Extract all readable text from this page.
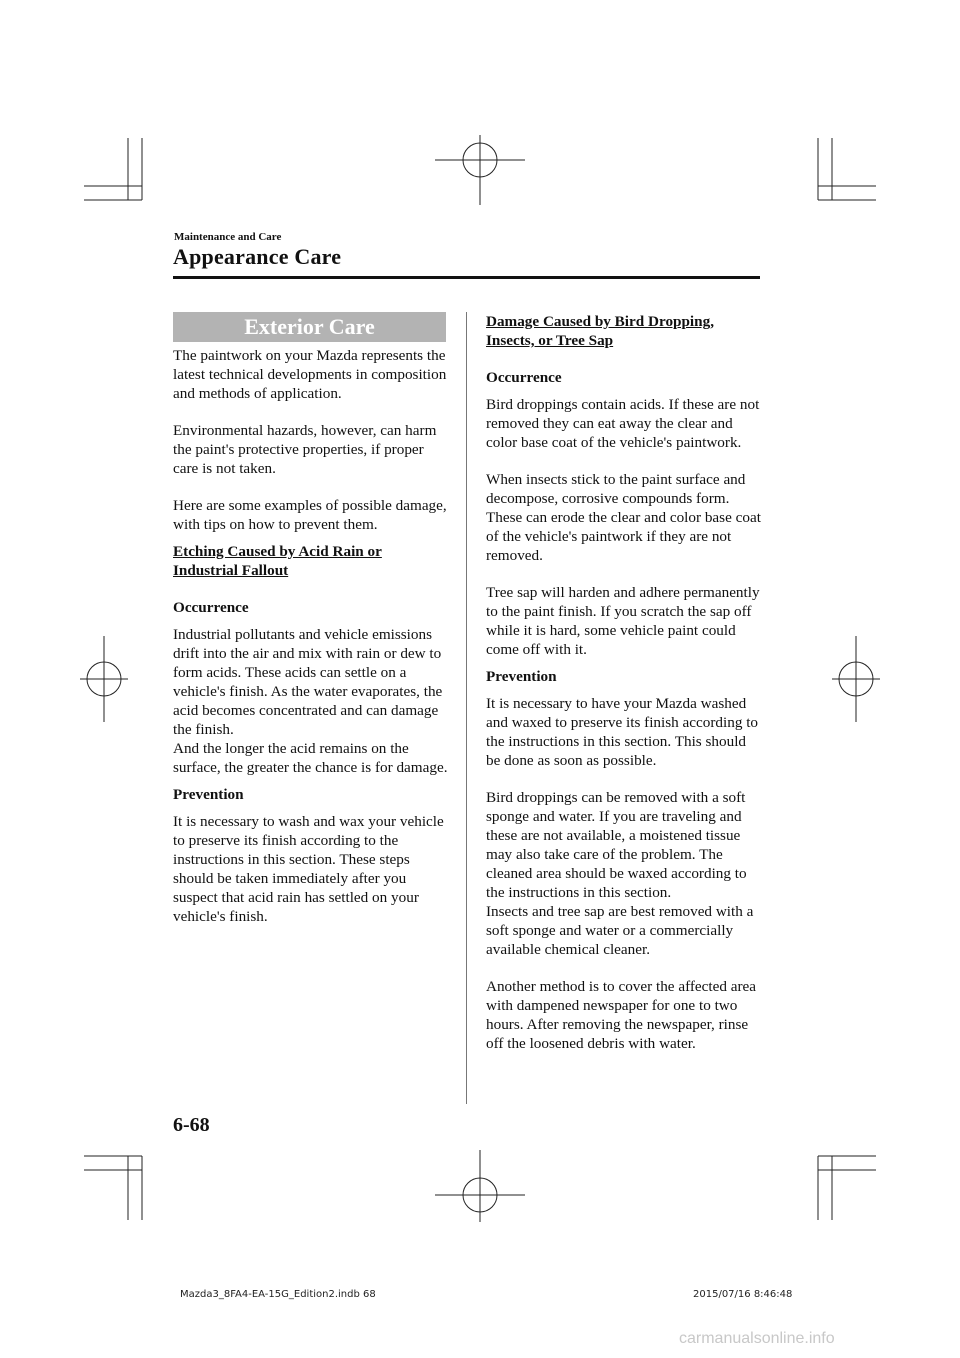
Maintenance and Care
Appearance Care
Exterior Care

The paintwork on your Mazda represents the latest technical developments in composition and methods of application.

Environmental hazards, however, can harm the paint's protective properties, if proper care is not taken.

Here are some examples of possible damage, with tips on how to prevent them.

Etching Caused by Acid Rain or Industrial Fallout
Occurrence

Industrial pollutants and vehicle emissions drift into the air and mix with rain or dew to form acids. These acids can settle on a vehicle's finish. As the water evaporates, the acid becomes concentrated and can damage the finish.

And the longer the acid remains on the surface, the greater the chance is for damage.

Prevention

It is necessary to wash and wax your vehicle to preserve its finish according to the instructions in this section. These steps should be taken immediately after you suspect that acid rain has settled on your vehicle's finish.

Damage Caused by Bird Dropping, Insects, or Tree Sap
Occurrence

Bird droppings contain acids. If these are not removed they can eat away the clear and color base coat of the vehicle's paintwork.

When insects stick to the paint surface and decompose, corrosive compounds form. These can erode the clear and color base coat of the vehicle's paintwork if they are not removed.

Tree sap will harden and adhere permanently to the paint finish. If you scratch the sap off while it is hard, some vehicle paint could come off with it.

Prevention

It is necessary to have your Mazda washed and waxed to preserve its finish according to the instructions in this section. This should be done as soon as possible.

Bird droppings can be removed with a soft sponge and water. If you are traveling and these are not available, a moistened tissue may also take care of the problem. The cleaned area should be waxed according to the instructions in this section.

Insects and tree sap are best removed with a soft sponge and water or a commercially available chemical cleaner.

Another method is to cover the affected area with dampened newspaper for one to two hours. After removing the newspaper, rinse off the loosened debris with water.

6-68
Mazda3_8FA4-EA-15G_Edition2.indb 68	2015/07/16 8:46:48
carmanualsonline.info
